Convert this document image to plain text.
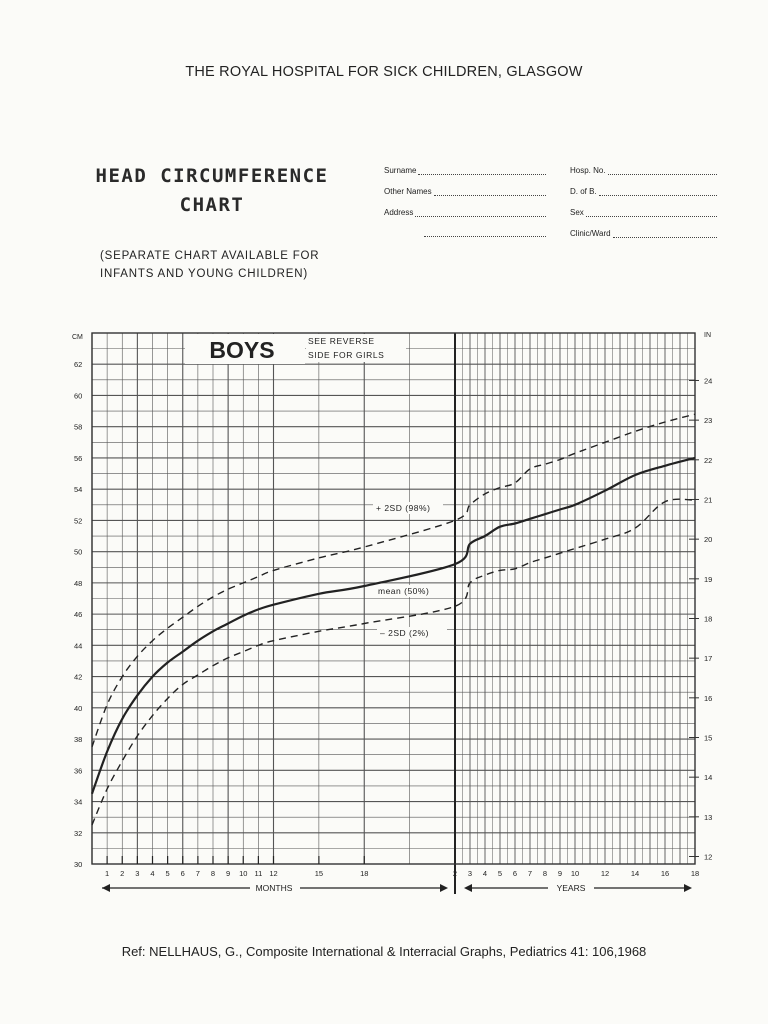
THE ROYAL HOSPITAL FOR SICK CHILDREN, GLASGOW
HEAD CIRCUMFERENCE
CHART
(SEPARATE CHART AVAILABLE FOR
INFANTS AND YOUNG CHILDREN)
Surname
Other Names
Address
Hosp. No.
D. of B.
Sex
Clinic/Ward
CM
30
32
34
36
38
40
42
44
46
48
50
52
54
56
58
60
62
IN
12
13
14
15
16
17
18
19
20
21
22
23
24
1 2 3 4 5 6 7 8 9 10 11 12	15	18	2 3 4 5 6 7 8 9 10	12	14	16	18
MONTHS	YEARS
BOYS	SEE REVERSE
SIDE FOR GIRLS
+ 2SD (98%)
mean (50%)
– 2SD (2%)
Ref: NELLHAUS, G., Composite International & Interracial Graphs, Pediatrics 41: 106,1968
